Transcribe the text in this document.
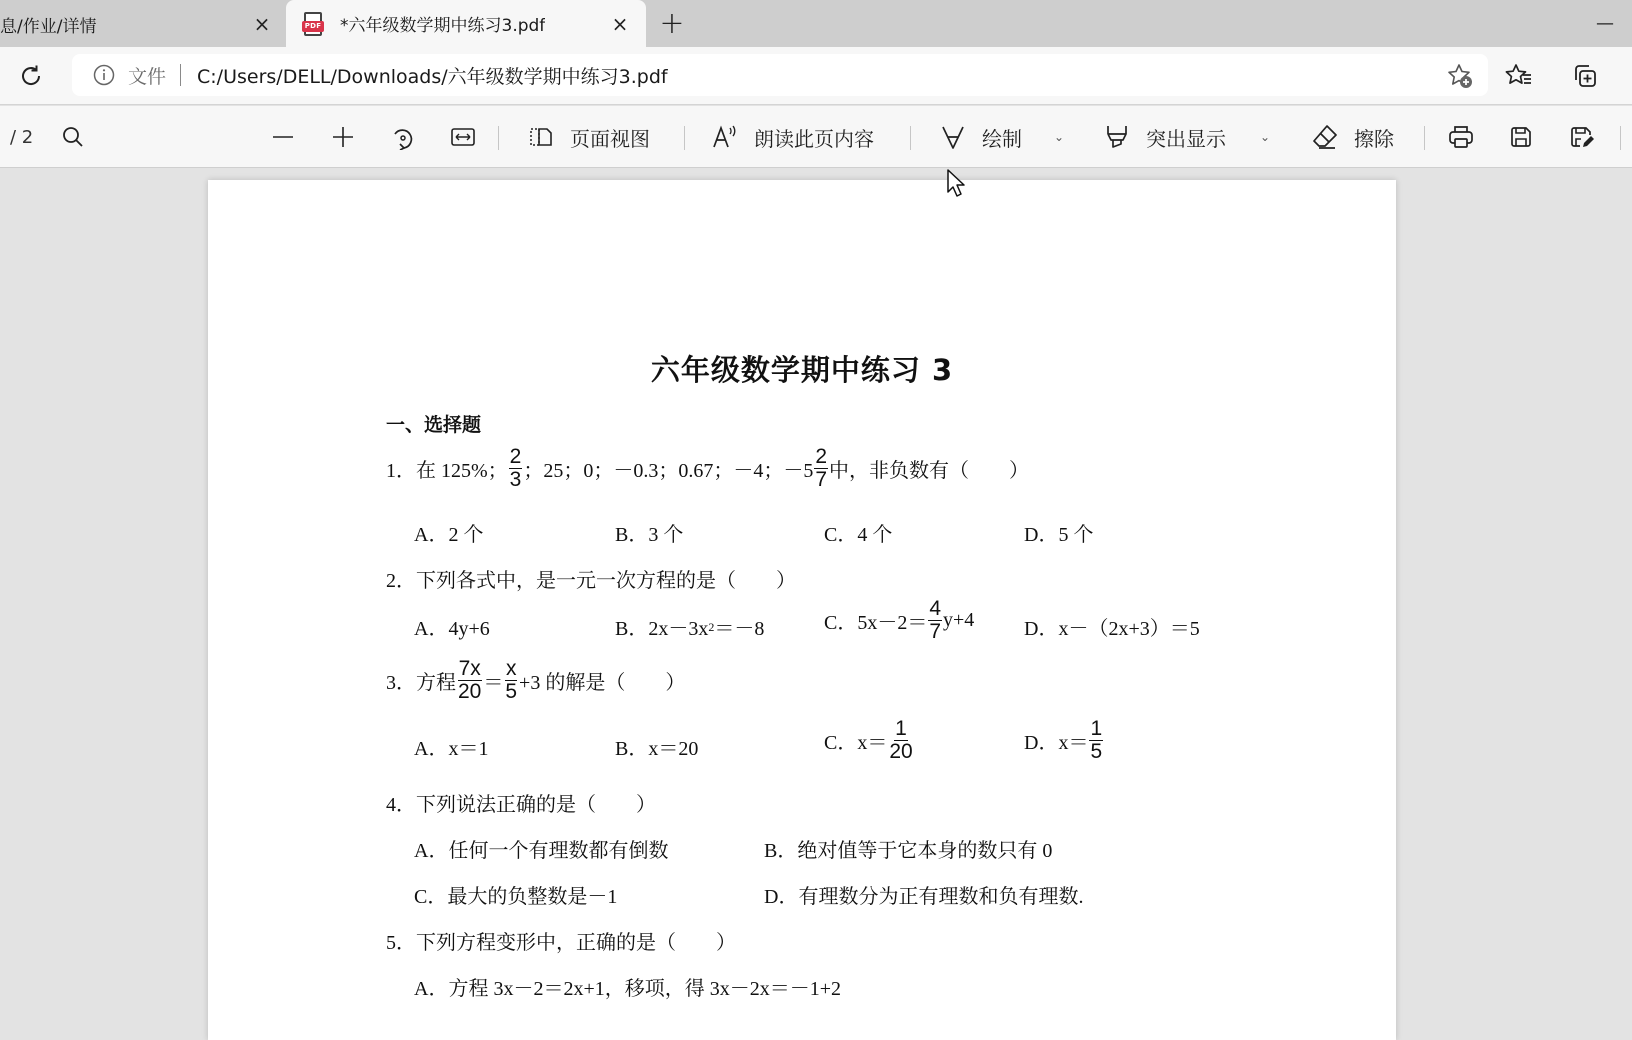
息/作业/详情	×	PDF *六年级数学期中练习3.pdf	× +	—
文件 C:/Users/DELL/Downloads/六年级数学期中练习3.pdf
/ 2	页面视图	朗读此页内容	绘制	⌄	突出显示	⌄	擦除
六年级数学期中练习 3
一、选择题
1． 在 125%； $\frac{2}{3}$ ；25；0；－0.3；0.67；－4；$-5 \frac{2}{7}$ 中，非负数有（　　）
A．2 个	B．3 个	C．4 个	D．5 个
2． 下列各式中，是一元一次方程的是（　　）
A．4y+6	B．2x－3x 2 ＝－8	C．$5x-2= \frac{4}{7} y+4$ D．x－（2x+3）＝5
3． 方程 $\frac{7x}{20} = \frac{x}{5} +3$ 的解是（　　）
A．x＝1	B．x＝20	C．$x= \frac{1}{20}$	D．$x= \frac{1}{5}$
4． 下列说法正确的是（　　）
A．任何一个有理数都有倒数	B．绝对值等于它本身的数只有 0
C．最大的负整数是－1	D．有理数分为正有理数和负有理数.
5． 下列方程变形中，正确的是（　　）
A．方程 3x－2＝2x+1，移项，得 3x－2x＝－1+2
